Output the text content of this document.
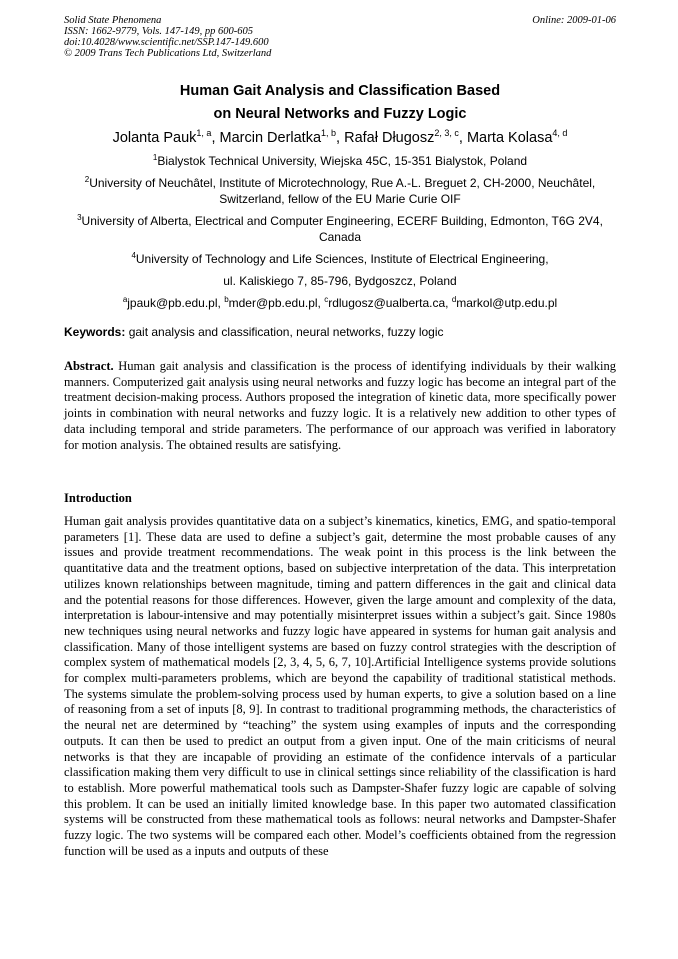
Solid State Phenomena
ISSN: 1662-9779, Vols. 147-149, pp 600-605
doi:10.4028/www.scientific.net/SSP.147-149.600
© 2009 Trans Tech Publications Ltd, Switzerland
Online: 2009-01-06
Human Gait Analysis and Classification Based
on Neural Networks and Fuzzy Logic
Jolanta Pauk$^{1, a}$, Marcin Derlatka$^{1, b}$, Rafał Długosz$^{2, 3, c}$, Marta Kolasa$^{4, d}$
$^1$Bialystok Technical University, Wiejska 45C, 15-351 Bialystok, Poland
$^2$University of Neuchâtel, Institute of Microtechnology, Rue A.-L. Breguet 2, CH-2000, Neuchâtel, Switzerland, fellow of the EU Marie Curie OIF
$^3$University of Alberta, Electrical and Computer Engineering, ECERF Building, Edmonton, T6G 2V4, Canada
$^4$University of Technology and Life Sciences, Institute of Electrical Engineering,
ul. Kaliskiego 7, 85-796, Bydgoszcz, Poland
$^a$jpauk@pb.edu.pl, $^b$mder@pb.edu.pl, $^c$rdlugosz@ualberta.ca, $^d$markol@utp.edu.pl
Keywords: gait analysis and classification, neural networks, fuzzy logic
Abstract. Human gait analysis and classification is the process of identifying individuals by their walking manners. Computerized gait analysis using neural networks and fuzzy logic has become an integral part of the treatment decision-making process. Authors proposed the integration of kinetic data, more specifically power joints in combination with neural networks and fuzzy logic. It is a relatively new addition to other types of data including temporal and stride parameters. The performance of our approach was verified in laboratory for motion analysis. The obtained results are satisfying.
Introduction
Human gait analysis provides quantitative data on a subject’s kinematics, kinetics, EMG, and spatio-temporal parameters [1]. These data are used to define a subject’s gait, determine the most probable causes of any issues and provide treatment recommendations. The weak point in this process is the link between the quantitative data and the treatment options, based on subjective interpretation of the data. This interpretation utilizes known relationships between magnitude, timing and pattern differences in the gait and clinical data and the potential reasons for those differences. However, given the large amount and complexity of the data, interpretation is labour-intensive and may potentially misinterpret issues within a subject’s gait. Since 1980s new techniques using neural networks and fuzzy logic have appeared in systems for human gait analysis and classification. Many of those intelligent systems are based on fuzzy control strategies with the description of complex system of mathematical models [2, 3, 4, 5, 6, 7, 10].Artificial Intelligence systems provide solutions for complex multi-parameters problems, which are beyond the capability of traditional statistical methods. The systems simulate the problem-solving process used by human experts, to give a solution based on a line of reasoning from a set of inputs [8, 9]. In contrast to traditional programming methods, the characteristics of the neural net are determined by “teaching” the system using examples of inputs and the corresponding outputs. It can then be used to predict an output from a given input. One of the main criticisms of neural networks is that they are incapable of providing an estimate of the confidence intervals of a particular classification making them very difficult to use in clinical settings since reliability of the classification is hard to establish. More powerful mathematical tools such as Dampster-Shafer fuzzy logic are capable of solving this problem. It can be used an initially limited knowledge base. In this paper two automated classification systems will be constructed from these mathematical tools as follows: neural networks and Dampster-Shafer fuzzy logic. The two systems will be compared each other. Model’s coefficients obtained from the regression function will be used as a inputs and outputs of these
